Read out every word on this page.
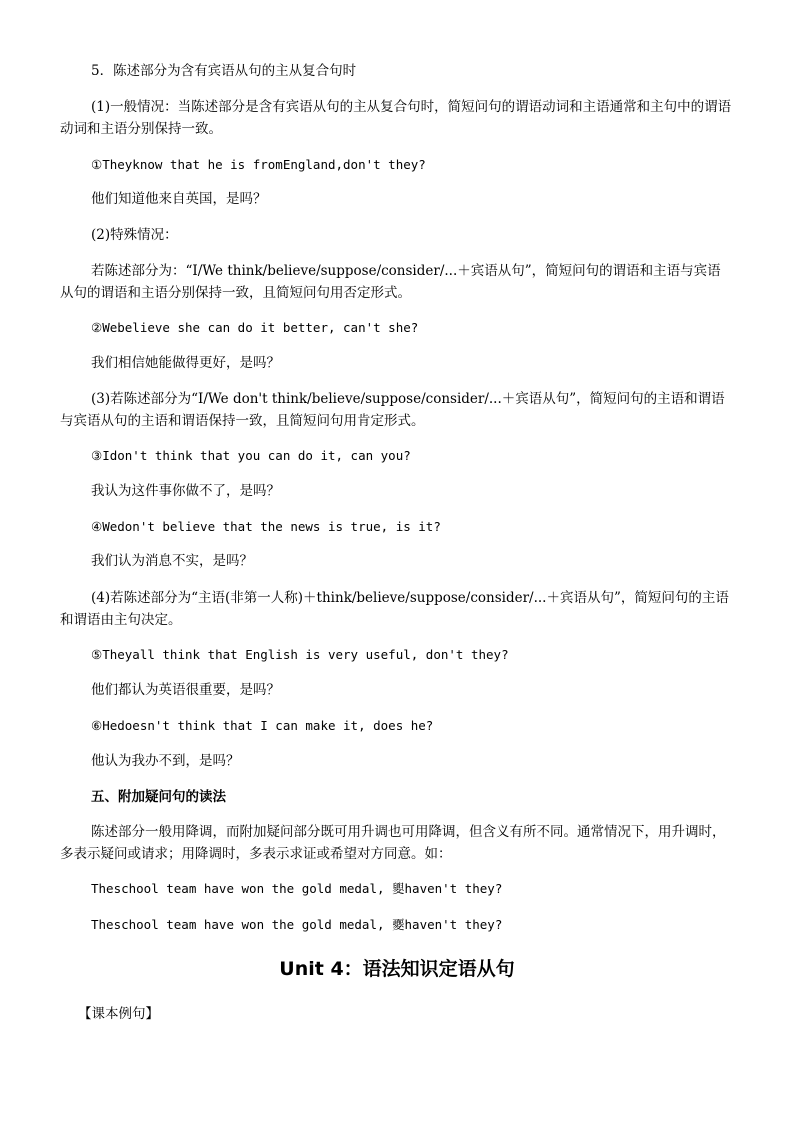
5．陈述部分为含有宾语从句的主从复合句时
(1)一般情况：当陈述部分是含有宾语从句的主从复合句时，简短问句的谓语动词和主语通常和主句中的谓语动词和主语分别保持一致。
①Theyknow that he is fromEngland,don't they?
他们知道他来自英国，是吗？
(2)特殊情况：
若陈述部分为：“I/We think/believe/suppose/consider/...＋宾语从句”，简短问句的谓语和主语与宾语从句的谓语和主语分别保持一致，且简短问句用否定形式。
②Webelieve she can do it better, can't she?
我们相信她能做得更好，是吗？
(3)若陈述部分为“I/We don't think/believe/suppose/consider/...＋宾语从句”，简短问句的主语和谓语与宾语从句的主语和谓语保持一致，且简短问句用肯定形式。
③Idon't think that you can do it, can you?
我认为这件事你做不了，是吗？
④Wedon't believe that the news is true, is it?
我们认为消息不实，是吗？
(4)若陈述部分为“主语(非第一人称)＋think/believe/suppose/consider/...＋宾语从句”，简短问句的主语和谓语由主句决定。
⑤Theyall think that English is very useful, don't they?
他们都认为英语很重要，是吗？
⑥Hedoesn't think that I can make it, does he?
他认为我办不到，是吗？
五、附加疑问句的读法
陈述部分一般用降调，而附加疑问部分既可用升调也可用降调，但含义有所不同。通常情况下，用升调时，多表示疑问或请求；用降调时，多表示求证或希望对方同意。如：
Theschool team have won the gold medal, 夓haven't they?
Theschool team have won the gold medal, 夒haven't they?
Unit 4：语法知识定语从句
【课本例句】
